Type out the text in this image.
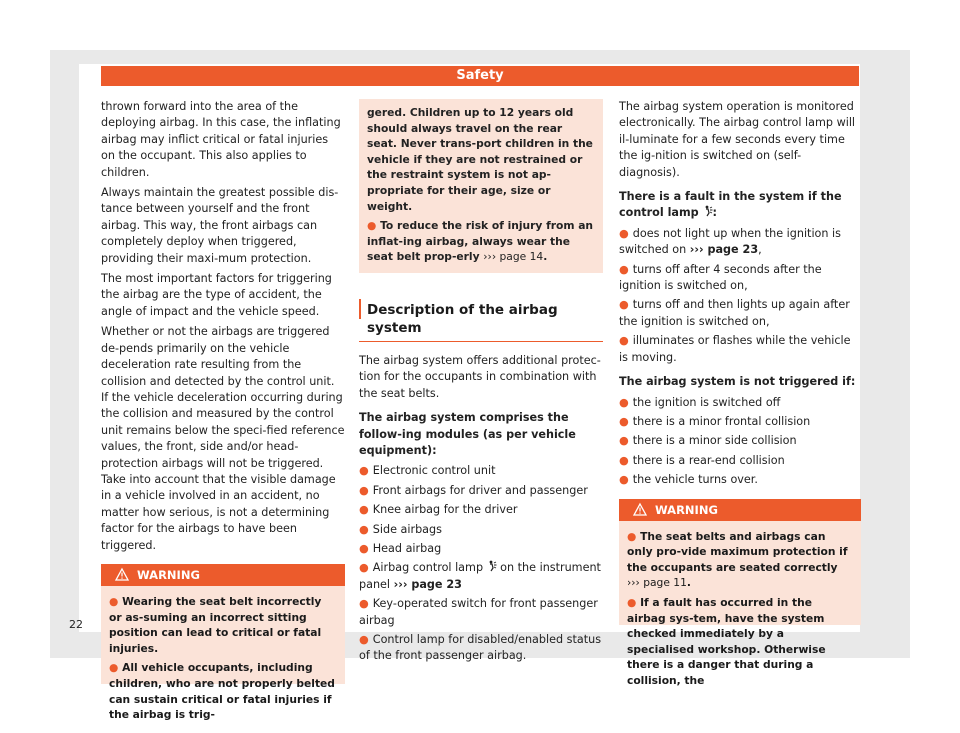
Safety

thrown forward into the area of the deploying airbag. In this case, the inflating airbag may inflict critical or fatal injuries on the occupant. This also applies to children.

Always maintain the greatest possible dis-tance between yourself and the front airbag. This way, the front airbags can completely deploy when triggered, providing their maxi-mum protection.

The most important factors for triggering the airbag are the type of accident, the angle of impact and the vehicle speed.

Whether or not the airbags are triggered de-pends primarily on the vehicle deceleration rate resulting from the collision and detected by the control unit. If the vehicle deceleration occurring during the collision and measured by the control unit remains below the speci-fied reference values, the front, side and/or head-protection airbags will not be triggered. Take into account that the visible damage in a vehicle involved in an accident, no matter how serious, is not a determining factor for the airbags to have been triggered.

WARNING
● Wearing the seat belt incorrectly or as-suming an incorrect sitting position can lead to critical or fatal injuries.
● All vehicle occupants, including children, who are not properly belted can sustain critical or fatal injuries if the airbag is trig-
gered. Children up to 12 years old should always travel on the rear seat. Never trans-port children in the vehicle if they are not restrained or the restraint system is not ap-propriate for their age, size or weight.
● To reduce the risk of injury from an inflat-ing airbag, always wear the seat belt prop-erly ››› page 14.
Description of the airbag system

The airbag system offers additional protec-tion for the occupants in combination with the seat belts.

The airbag system comprises the follow-ing modules (as per vehicle equipment):

● Electronic control unit
● Front airbags for driver and passenger
● Knee airbag for the driver
● Side airbags
● Head airbag
● Airbag control lamp on the instrument panel ››› page 23
● Key-operated switch for front passenger airbag
● Control lamp for disabled/enabled status of the front passenger airbag.

The airbag system operation is monitored electronically. The airbag control lamp will il-luminate for a few seconds every time the ig-nition is switched on (self-diagnosis).

There is a fault in the system if the control lamp :

● does not light up when the ignition is switched on ››› page 23,
● turns off after 4 seconds after the ignition is switched on,
● turns off and then lights up again after the ignition is switched on,
● illuminates or flashes while the vehicle is moving.

The airbag system is not triggered if:

● the ignition is switched off
● there is a minor frontal collision
● there is a minor side collision
● there is a rear-end collision
● the vehicle turns over.
WARNING
● The seat belts and airbags can only pro-vide maximum protection if the occupants are seated correctly ››› page 11.
● If a fault has occurred in the airbag sys-tem, have the system checked immediately by a specialised workshop. Otherwise there is a danger that during a collision, the
22
